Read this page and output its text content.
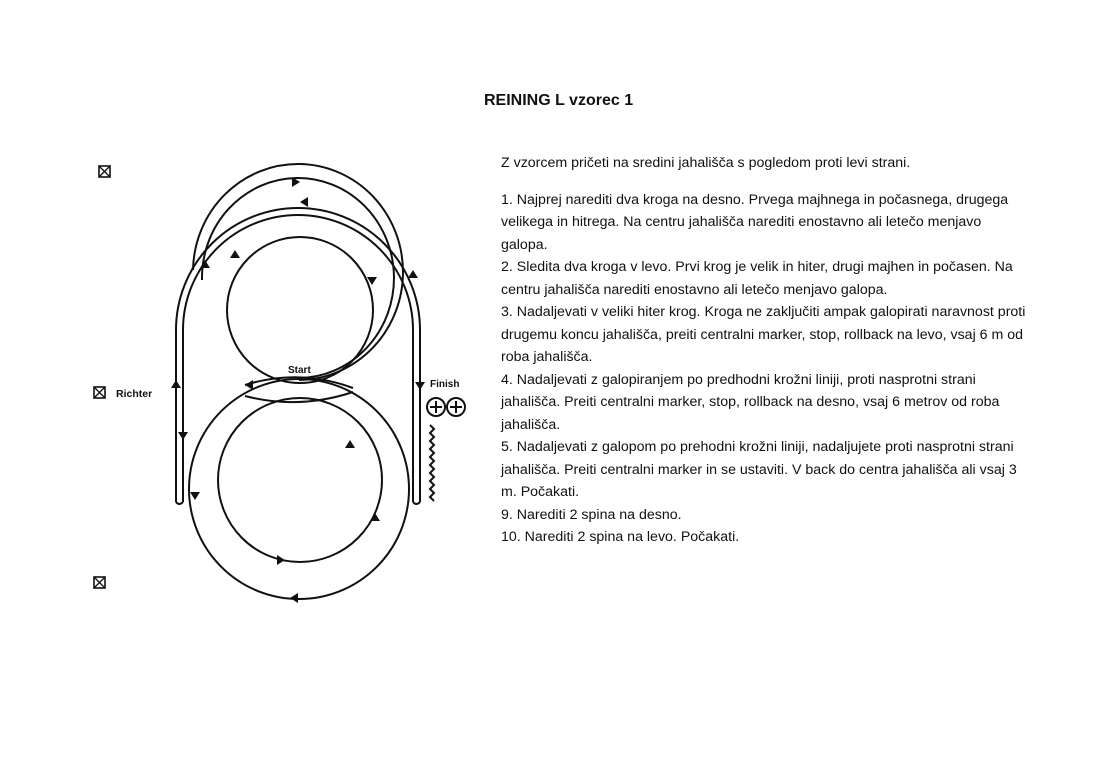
REINING L vzorec 1
Richter
Start
Finish

Z vzorcem pričeti na sredini jahališča s pogledom proti levi strani.

1. Najprej narediti dva kroga na desno. Prvega majhnega in počasnega, drugega velikega in hitrega. Na centru jahališča narediti enostavno ali letečo menjavo galopa.
2. Sledita dva kroga v levo. Prvi krog je velik in hiter, drugi majhen in počasen. Na centru jahališča narediti enostavno ali letečo menjavo galopa.
3. Nadaljevati v veliki hiter krog. Kroga ne zaključiti ampak galopirati naravnost proti drugemu koncu jahališča, preiti centralni marker, stop, rollback na levo, vsaj 6 m od roba jahališča.
4. Nadaljevati z galopiranjem po predhodni krožni liniji, proti nasprotni strani jahališča. Preiti centralni marker, stop, rollback na desno, vsaj 6 metrov od roba jahališča.
5. Nadaljevati z galopom po prehodni krožni liniji, nadaljujete proti nasprotni strani jahališča. Preiti centralni marker in se ustaviti. V back do centra jahališča ali vsaj 3 m. Počakati.
9. Narediti 2 spina na desno.
10. Narediti 2 spina na levo. Počakati.
